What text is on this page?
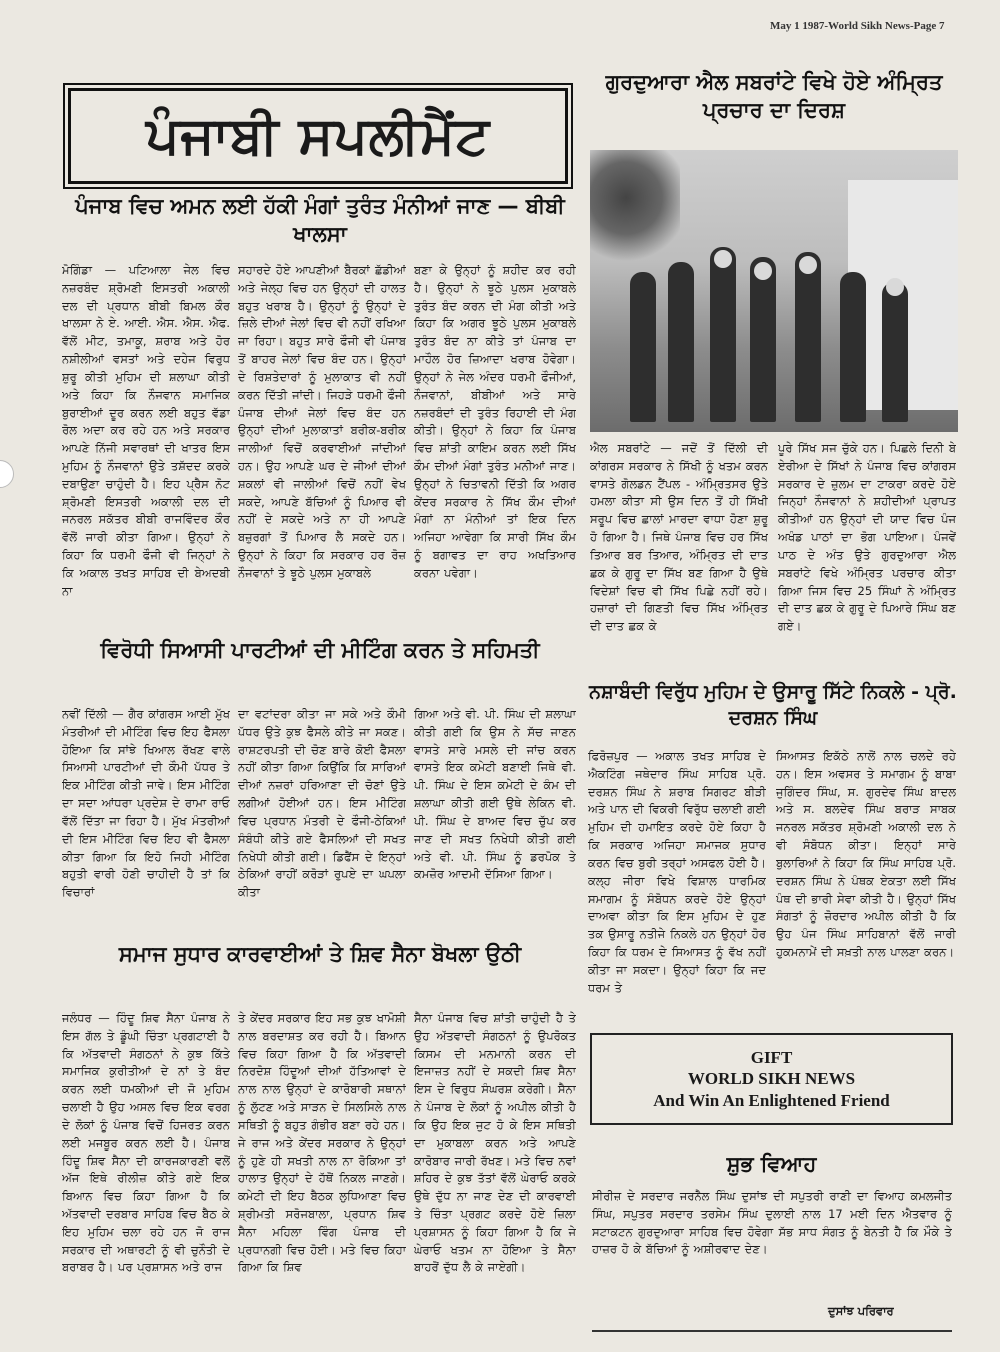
May 1 1987-World Sikh News-Page 7
ਪੰਜਾਬੀ ਸਪਲੀਮੈਂਟ
ਪੰਜਾਬ ਵਿਚ ਅਮਨ ਲਈ ਹੱਕੀ ਮੰਗਾਂ ਤੁਰੰਤ ਮੰਨੀਆਂ ਜਾਣ — ਬੀਬੀ ਖਾਲਸਾ
ਮੋਗਿੰਡਾ — ਪਟਿਆਲਾ ਜੇਲ ਵਿਚ ਨਜ਼ਰਬੰਦ ਸ਼੍ਰੋਮਣੀ ਇਸਤਰੀ ਅਕਾਲੀ ਦਲ ਦੀ ਪ੍ਰਧਾਨ ਬੀਬੀ ਬਿਮਲ ਕੌਰ ਖਾਲਸਾ ਨੇ ਏ. ਆਈ. ਐਸ. ਐਸ. ਐਫ. ਵੱਲੋਂ ਮੀਟ, ਤਮਾਕੂ, ਸ਼ਰਾਬ ਅਤੇ ਹੋਰ ਨਸ਼ੀਲੀਆਂ ਵਸਤਾਂ ਅਤੇ ਦਹੇਜ ਵਿਰੁਧ ਸ਼ੁਰੂ ਕੀਤੀ ਮੁਹਿਮ ਦੀ ਸ਼ਲਾਘਾ ਕੀਤੀ ਅਤੇ ਕਿਹਾ ਕਿ ਨੌਜਵਾਨ ਸਮਾਜਿਕ ਬੁਰਾਈਆਂ ਦੂਰ ਕਰਨ ਲਈ ਬਹੁਤ ਵੱਡਾ ਰੋਲ ਅਦਾ ਕਰ ਰਹੇ ਹਨ ਅਤੇ ਸਰਕਾਰ ਆਪਣੇ ਨਿੱਜੀ ਸਵਾਰਥਾਂ ਦੀ ਖਾਤਰ ਇਸ ਮੁਹਿਮ ਨੂੰ ਨੌਜਵਾਨਾਂ ਉਤੇ ਤਸ਼ੱਦਦ ਕਰਕੇ ਦਬਾਉਣਾ ਚਾਹੁੰਦੀ ਹੈ। ਇਹ ਪ੍ਰੈਸ ਨੋਟ ਸ਼੍ਰੋਮਣੀ ਇਸਤਰੀ ਅਕਾਲੀ ਦਲ ਦੀ ਜਨਰਲ ਸਕੱਤਰ ਬੀਬੀ ਰਾਜਵਿੰਦਰ ਕੌਰ ਵੱਲੋਂ ਜਾਰੀ ਕੀਤਾ ਗਿਆ। ਉਨ੍ਹਾਂ ਨੇ ਕਿਹਾ ਕਿ ਧਰਮੀ ਫੌਜੀ ਵੀ ਜਿਨ੍ਹਾਂ ਨੇ ਕਿ ਅਕਾਲ ਤਖਤ ਸਾਹਿਬ ਦੀ ਬੇਅਦਬੀ ਨਾ
ਸਹਾਰਦੇ ਹੋਏ ਆਪਣੀਆਂ ਬੈਰਕਾਂ ਛੱਡੀਆਂ ਅਤੇ ਜੇਲ੍ਹ ਵਿਚ ਹਨ ਉਨ੍ਹਾਂ ਦੀ ਹਾਲਤ ਬਹੁਤ ਖਰਾਬ ਹੈ। ਉਨ੍ਹਾਂ ਨੂੰ ਉਨ੍ਹਾਂ ਦੇ ਜ਼ਿਲੇ ਦੀਆਂ ਜੇਲਾਂ ਵਿਚ ਵੀ ਨਹੀਂ ਰਖਿਆ ਜਾ ਰਿਹਾ। ਬਹੁਤ ਸਾਰੇ ਫੌਜੀ ਵੀ ਪੰਜਾਬ ਤੋਂ ਬਾਹਰ ਜੇਲਾਂ ਵਿਚ ਬੰਦ ਹਨ। ਉਨ੍ਹਾਂ ਦੇ ਰਿਸ਼ਤੇਦਾਰਾਂ ਨੂੰ ਮੁਲਾਕਾਤ ਵੀ ਨਹੀਂ ਕਰਨ ਦਿੱਤੀ ਜਾਂਦੀ। ਜਿਹੜੇ ਧਰਮੀ ਫੌਜੀ ਪੰਜਾਬ ਦੀਆਂ ਜੇਲਾਂ ਵਿਚ ਬੰਦ ਹਨ ਉਨ੍ਹਾਂ ਦੀਆਂ ਮੁਲਾਕਾਤਾਂ ਬਰੀਕ-ਬਰੀਕ ਜਾਲੀਆਂ ਵਿਚੋਂ ਕਰਵਾਈਆਂ ਜਾਂਦੀਆਂ ਹਨ। ਉਹ ਆਪਣੇ ਘਰ ਦੇ ਜੀਆਂ ਦੀਆਂ ਸ਼ਕਲਾਂ ਵੀ ਜਾਲੀਆਂ ਵਿਚੋਂ ਨਹੀਂ ਵੇਖ ਸਕਦੇ, ਆਪਣੇ ਬੱਚਿਆਂ ਨੂੰ ਪਿਆਰ ਵੀ ਨਹੀਂ ਦੇ ਸਕਦੇ ਅਤੇ ਨਾ ਹੀ ਆਪਣੇ ਬਜ਼ੁਰਗਾਂ ਤੋਂ ਪਿਆਰ ਲੈ ਸਕਦੇ ਹਨ। ਉਨ੍ਹਾਂ ਨੇ ਕਿਹਾ ਕਿ ਸਰਕਾਰ ਹਰ ਰੋਜ਼ ਨੌਜਵਾਨਾਂ ਤੇ ਝੂਠੇ ਪੁਲਸ ਮੁਕਾਬਲੇ
ਬਣਾ ਕੇ ਉਨ੍ਹਾਂ ਨੂੰ ਸ਼ਹੀਦ ਕਰ ਰਹੀ ਹੈ। ਉਨ੍ਹਾਂ ਨੇ ਝੂਠੇ ਪੁਲਸ ਮੁਕਾਬਲੇ ਤੁਰੰਤ ਬੰਦ ਕਰਨ ਦੀ ਮੰਗ ਕੀਤੀ ਅਤੇ ਕਿਹਾ ਕਿ ਅਗਰ ਝੂਠੇ ਪੁਲਸ ਮੁਕਾਬਲੇ ਤੁਰੰਤ ਬੰਦ ਨਾ ਕੀਤੇ ਤਾਂ ਪੰਜਾਬ ਦਾ ਮਾਹੌਲ ਹੋਰ ਜ਼ਿਆਦਾ ਖਰਾਬ ਹੋਵੇਗਾ। ਉਨ੍ਹਾਂ ਨੇ ਜੇਲ ਅੰਦਰ ਧਰਮੀ ਫੌਜੀਆਂ, ਨੌਜਵਾਨਾਂ, ਬੀਬੀਆਂ ਅਤੇ ਸਾਰੇ ਨਜ਼ਰਬੰਦਾਂ ਦੀ ਤੁਰੰਤ ਰਿਹਾਈ ਦੀ ਮੰਗ ਕੀਤੀ। ਉਨ੍ਹਾਂ ਨੇ ਕਿਹਾ ਕਿ ਪੰਜਾਬ ਵਿਚ ਸ਼ਾਂਤੀ ਕਾਇਮ ਕਰਨ ਲਈ ਸਿੱਖ ਕੌਮ ਦੀਆਂ ਮੰਗਾਂ ਤੁਰੰਤ ਮਨੀਆਂ ਜਾਣ। ਉਨ੍ਹਾਂ ਨੇ ਚਿਤਾਵਨੀ ਦਿੱਤੀ ਕਿ ਅਗਰ ਕੇਂਦਰ ਸਰਕਾਰ ਨੇ ਸਿੱਖ ਕੌਮ ਦੀਆਂ ਮੰਗਾਂ ਨਾ ਮੰਨੀਆਂ ਤਾਂ ਇਕ ਦਿਨ ਅਜਿਹਾ ਆਵੇਗਾ ਕਿ ਸਾਰੀ ਸਿੱਖ ਕੌਮ ਨੂੰ ਬਗਾਵਤ ਦਾ ਰਾਹ ਅਖਤਿਆਰ ਕਰਨਾ ਪਵੇਗਾ।
ਗੁਰਦੁਆਰਾ ਐਲ ਸਬਰਾਂਟੇ ਵਿਖੇ ਹੋਏ ਅੰਮ੍ਰਿਤ ਪ੍ਰਚਾਰ ਦਾ ਦਿਰਸ਼
ਐਲ ਸਬਰਾਂਟੇ — ਜਦੋਂ ਤੋਂ ਦਿੱਲੀ ਦੀ ਕਾਂਗਰਸ ਸਰਕਾਰ ਨੇ ਸਿੱਖੀ ਨੂੰ ਖਤਮ ਕਰਨ ਵਾਸਤੇ ਗੋਲਡਨ ਟੈਂਪਲ - ਅੰਮ੍ਰਿਤਸਰ ਉਤੇ ਹਮਲਾ ਕੀਤਾ ਸੀ ਉਸ ਦਿਨ ਤੋਂ ਹੀ ਸਿੱਖੀ ਸਰੂਪ ਵਿਚ ਛਾਲਾਂ ਮਾਰਦਾ ਵਾਧਾ ਹੋਣਾ ਸ਼ੁਰੂ ਹੋ ਗਿਆ ਹੈ। ਜਿਥੇ ਪੰਜਾਬ ਵਿਚ ਹਰ ਸਿੱਖ ਤਿਆਰ ਬਰ ਤਿਆਰ, ਅੰਮ੍ਰਿਤ ਦੀ ਦਾਤ ਛਕ ਕੇ ਗੁਰੂ ਦਾ ਸਿੱਖ ਬਣ ਗਿਆ ਹੈ ਉਥੇ ਵਿਦੇਸ਼ਾਂ ਵਿਚ ਵੀ ਸਿੱਖ ਪਿਛੇ ਨਹੀਂ ਰਹੇ। ਹਜ਼ਾਰਾਂ ਦੀ ਗਿਣਤੀ ਵਿਚ ਸਿੱਖ ਅੰਮ੍ਰਿਤ ਦੀ ਦਾਤ ਛਕ ਕੇ
ਪੂਰੇ ਸਿੱਖ ਸਜ ਚੁੱਕੇ ਹਨ। ਪਿਛਲੇ ਦਿਨੀ ਬੇ ਏਰੀਆ ਦੇ ਸਿੱਖਾਂ ਨੇ ਪੰਜਾਬ ਵਿਚ ਕਾਂਗਰਸ ਸਰਕਾਰ ਦੇ ਜ਼ੁਲਮ ਦਾ ਟਾਕਰਾ ਕਰਦੇ ਹੋਏ ਜਿਨ੍ਹਾਂ ਨੌਜਵਾਨਾਂ ਨੇ ਸ਼ਹੀਦੀਆਂ ਪ੍ਰਾਪਤ ਕੀਤੀਆਂ ਹਨ ਉਨ੍ਹਾਂ ਦੀ ਯਾਦ ਵਿਚ ਪੰਜ ਅਖੰਡ ਪਾਠਾਂ ਦਾ ਭੋਗ ਪਾਇਆ। ਪੰਜਵੇਂ ਪਾਠ ਦੇ ਅੰਤ ਉਤੇ ਗੁਰਦੁਆਰਾ ਐਲ ਸਬਰਾਂਟੇ ਵਿਖੇ ਅੰਮ੍ਰਿਤ ਪਰਚਾਰ ਕੀਤਾ ਗਿਆ ਜਿਸ ਵਿਚ 25 ਸਿੰਘਾਂ ਨੇ ਅੰਮ੍ਰਿਤ ਦੀ ਦਾਤ ਛਕ ਕੇ ਗੁਰੂ ਦੇ ਪਿਆਰੇ ਸਿੰਘ ਬਣ ਗਏ।
ਵਿਰੋਧੀ ਸਿਆਸੀ ਪਾਰਟੀਆਂ ਦੀ ਮੀਟਿੰਗ ਕਰਨ ਤੇ ਸਹਿਮਤੀ
ਨਵੀਂ ਦਿੱਲੀ — ਗੈਰ ਕਾਂਗਰਸ ਆਈ ਮੁੱਖ ਮੰਤਰੀਆਂ ਦੀ ਮੀਟਿੰਗ ਵਿਚ ਇਹ ਫੈਸਲਾ ਹੋਇਆ ਕਿ ਸਾਂਝੇ ਖਿਆਲ ਰੱਖਣ ਵਾਲੇ ਸਿਆਸੀ ਪਾਰਟੀਆਂ ਦੀ ਕੌਮੀ ਪੱਧਰ ਤੇ ਇਕ ਮੀਟਿੰਗ ਕੀਤੀ ਜਾਵੇ। ਇਸ ਮੀਟਿੰਗ ਦਾ ਸਦਾ ਆਂਧਰਾ ਪ੍ਰਦੇਸ਼ ਦੇ ਰਾਮਾ ਰਾਓ ਵੱਲੋਂ ਦਿੱਤਾ ਜਾ ਰਿਹਾ ਹੈ। ਮੁੱਖ ਮੰਤਰੀਆਂ ਦੀ ਇਸ ਮੀਟਿੰਗ ਵਿਚ ਇਹ ਵੀ ਫੈਸਲਾ ਕੀਤਾ ਗਿਆ ਕਿ ਇਹੋ ਜਿਹੀ ਮੀਟਿੰਗ ਬਹੁਤੀ ਵਾਰੀ ਹੋਣੀ ਚਾਹੀਦੀ ਹੈ ਤਾਂ ਕਿ ਵਿਚਾਰਾਂ
ਦਾ ਵਟਾਂਦਰਾ ਕੀਤਾ ਜਾ ਸਕੇ ਅਤੇ ਕੌਮੀ ਪੱਧਰ ਉਤੇ ਕੁਝ ਫੈਸਲੇ ਕੀਤੇ ਜਾ ਸਕਣ। ਰਾਸ਼ਟਰਪਤੀ ਦੀ ਚੋਣ ਬਾਰੇ ਕੋਈ ਫੈਸਲਾ ਨਹੀਂ ਕੀਤਾ ਗਿਆ ਕਿਉਂਕਿ ਕਿ ਸਾਰਿਆਂ ਦੀਆਂ ਨਜ਼ਰਾਂ ਹਰਿਆਣਾ ਦੀ ਚੋਣਾਂ ਉਤੇ ਲਗੀਆਂ ਹੋਈਆਂ ਹਨ। ਇਸ ਮੀਟਿੰਗ ਵਿਚ ਪ੍ਰਧਾਨ ਮੰਤਰੀ ਦੇ ਫੌਜੀ-ਠੇਕਿਆਂ ਸੰਬੰਧੀ ਕੀਤੇ ਗਏ ਫੈਸਲਿਆਂ ਦੀ ਸਖਤ ਨਿਖੇਧੀ ਕੀਤੀ ਗਈ। ਡਿਫੈਂਸ ਦੇ ਇਨ੍ਹਾਂ ਠੇਕਿਆਂ ਰਾਹੀਂ ਕਰੋੜਾਂ ਰੁਪਏ ਦਾ ਘਪਲਾ ਕੀਤਾ
ਗਿਆ ਅਤੇ ਵੀ. ਪੀ. ਸਿੰਘ ਦੀ ਸ਼ਲਾਘਾ ਕੀਤੀ ਗਈ ਕਿ ਉਸ ਨੇ ਸੱਚ ਜਾਣਨ ਵਾਸਤੇ ਸਾਰੇ ਮਸਲੇ ਦੀ ਜਾਂਚ ਕਰਨ ਵਾਸਤੇ ਇਕ ਕਮੇਟੀ ਬਣਾਈ ਜਿਥੇ ਵੀ. ਪੀ. ਸਿੰਘ ਦੇ ਇਸ ਕਮੇਟੀ ਦੇ ਕੰਮ ਦੀ ਸ਼ਲਾਘਾ ਕੀਤੀ ਗਈ ਉਥੇ ਲੇਕਿਨ ਵੀ. ਪੀ. ਸਿੰਘ ਦੇ ਬਾਅਦ ਵਿਚ ਚੁੱਪ ਕਰ ਜਾਣ ਦੀ ਸਖਤ ਨਿਖੇਧੀ ਕੀਤੀ ਗਈ ਅਤੇ ਵੀ. ਪੀ. ਸਿੰਘ ਨੂੰ ਡਰਪੋਕ ਤੇ ਕਮਜ਼ੋਰ ਆਦਮੀ ਦੱਸਿਆ ਗਿਆ।
ਨਸ਼ਾਬੰਦੀ ਵਿਰੁੱਧ ਮੁਹਿਮ ਦੇ ਉਸਾਰੂ ਸਿੱਟੇ ਨਿਕਲੇ - ਪ੍ਰੋ. ਦਰਸ਼ਨ ਸਿੰਘ
ਫਿਰੋਜ਼ਪੁਰ — ਅਕਾਲ ਤਖਤ ਸਾਹਿਬ ਦੇ ਐਕਟਿੰਗ ਜਥੇਦਾਰ ਸਿੰਘ ਸਾਹਿਬ ਪ੍ਰੋ. ਦਰਸ਼ਨ ਸਿੰਘ ਨੇ ਸ਼ਰਾਬ ਸਿਗਰਟ ਬੀੜੀ ਅਤੇ ਪਾਨ ਦੀ ਵਿਕਰੀ ਵਿਰੁੱਧ ਚਲਾਈ ਗਈ ਮੁਹਿਮ ਦੀ ਹਮਾਇਤ ਕਰਦੇ ਹੋਏ ਕਿਹਾ ਹੈ ਕਿ ਸਰਕਾਰ ਅਜਿਹਾ ਸਮਾਜਕ ਸੁਧਾਰ ਕਰਨ ਵਿਚ ਬੁਰੀ ਤਰ੍ਹਾਂ ਅਸਫਲ ਹੋਈ ਹੈ। ਕਲ੍ਹ ਜੀਰਾ ਵਿਖੇ ਵਿਸ਼ਾਲ ਧਾਰਮਿਕ ਸਮਾਗਮ ਨੂੰ ਸੰਬੋਧਨ ਕਰਦੇ ਹੋਏ ਉਨ੍ਹਾਂ ਦਾਅਵਾ ਕੀਤਾ ਕਿ ਇਸ ਮੁਹਿਮ ਦੇ ਹੁਣ ਤਕ ਉਸਾਰੂ ਨਤੀਜੇ ਨਿਕਲੇ ਹਨ ਉਨ੍ਹਾਂ ਹੋਰ ਕਿਹਾ ਕਿ ਧਰਮ ਦੇ ਸਿਆਸਤ ਨੂੰ ਵੱਖ ਨਹੀਂ ਕੀਤਾ ਜਾ ਸਕਦਾ। ਉਨ੍ਹਾਂ ਕਿਹਾ ਕਿ ਜਦ ਧਰਮ ਤੇ
ਸਿਆਸਤ ਇਕੱਠੇ ਨਾਲੋਂ ਨਾਲ ਚਲਦੇ ਰਹੇ ਹਨ। ਇਸ ਅਵਸਰ ਤੇ ਸਮਾਗਮ ਨੂੰ ਬਾਬਾ ਜੁਗਿੰਦਰ ਸਿੰਘ, ਸ. ਗੁਰਦੇਵ ਸਿੰਘ ਬਾਦਲ ਅਤੇ ਸ. ਬਲਦੇਵ ਸਿੰਘ ਬਰਾੜ ਸਾਬਕ ਜਨਰਲ ਸਕੱਤਰ ਸ਼੍ਰੋਮਣੀ ਅਕਾਲੀ ਦਲ ਨੇ ਵੀ ਸੰਬੋਧਨ ਕੀਤਾ। ਇਨ੍ਹਾਂ ਸਾਰੇ ਬੁਲਾਰਿਆਂ ਨੇ ਕਿਹਾ ਕਿ ਸਿੰਘ ਸਾਹਿਬ ਪ੍ਰੋ. ਦਰਸ਼ਨ ਸਿੰਘ ਨੇ ਪੰਥਕ ਏਕਤਾ ਲਈ ਸਿੱਖ ਪੰਥ ਦੀ ਭਾਰੀ ਸੇਵਾ ਕੀਤੀ ਹੈ। ਉਨ੍ਹਾਂ ਸਿੱਖ ਸੰਗਤਾਂ ਨੂੰ ਜ਼ੋਰਦਾਰ ਅਪੀਲ ਕੀਤੀ ਹੈ ਕਿ ਉਹ ਪੰਜ ਸਿੰਘ ਸਾਹਿਬਾਨਾਂ ਵੱਲੋਂ ਜਾਰੀ ਹੁਕਮਨਾਮੇਂ ਦੀ ਸਖ਼ਤੀ ਨਾਲ ਪਾਲਣਾ ਕਰਨ।
ਸਮਾਜ ਸੁਧਾਰ ਕਾਰਵਾਈਆਂ ਤੇ ਸ਼ਿਵ ਸੈਨਾ ਬੋਖਲਾ ਉਠੀ
ਜਲੰਧਰ — ਹਿੰਦੂ ਸ਼ਿਵ ਸੈਨਾ ਪੰਜਾਬ ਨੇ ਇਸ ਗੱਲ ਤੇ ਡੂੰਘੀ ਚਿੰਤਾ ਪ੍ਰਗਟਾਈ ਹੈ ਕਿ ਅੱਤਵਾਦੀ ਸੰਗਠਨਾਂ ਨੇ ਕੁਝ ਕਿੱਤੇ ਸਮਾਜਿਕ ਕੁਰੀਤੀਆਂ ਦੇ ਨਾਂ ਤੇ ਬੰਦ ਕਰਨ ਲਈ ਧਮਕੀਆਂ ਦੀ ਜੋ ਮੁਹਿਮ ਚਲਾਈ ਹੈ ਉਹ ਅਸਲ ਵਿਚ ਇਕ ਵਰਗ ਦੇ ਲੋਕਾਂ ਨੂੰ ਪੰਜਾਬ ਵਿਚੋਂ ਹਿਜਰਤ ਕਰਨ ਲਈ ਮਜਬੂਰ ਕਰਨ ਲਈ ਹੈ। ਪੰਜਾਬ ਹਿੰਦੂ ਸ਼ਿਵ ਸੈਨਾ ਦੀ ਕਾਰਜਕਾਰਣੀ ਵਲੋਂ ਅੱਜ ਇਥੇ ਰੀਲੀਜ਼ ਕੀਤੇ ਗਏ ਇਕ ਬਿਆਨ ਵਿਚ ਕਿਹਾ ਗਿਆ ਹੈ ਕਿ ਅੱਤਵਾਦੀ ਦਰਬਾਰ ਸਾਹਿਬ ਵਿਚ ਬੈਠ ਕੇ ਇਹ ਮੁਹਿਮ ਚਲਾ ਰਹੇ ਹਨ ਜੋ ਰਾਜ ਸਰਕਾਰ ਦੀ ਅਥਾਰਟੀ ਨੂੰ ਵੀ ਚੁਨੌਤੀ ਦੇ ਬਰਾਬਰ ਹੈ। ਪਰ ਪ੍ਰਸ਼ਾਸਨ ਅਤੇ ਰਾਜ
ਤੇ ਕੇਂਦਰ ਸਰਕਾਰ ਇਹ ਸਭ ਕੁਝ ਖਾਮੋਸ਼ੀ ਨਾਲ ਬਰਦਾਸ਼ਤ ਕਰ ਰਹੀ ਹੈ। ਬਿਆਨ ਵਿਚ ਕਿਹਾ ਗਿਆ ਹੈ ਕਿ ਅੱਤਵਾਦੀ ਨਿਰਦੋਸ਼ ਹਿੰਦੂਆਂ ਦੀਆਂ ਹੱਤਿਆਵਾਂ ਦੇ ਨਾਲ ਨਾਲ ਉਨ੍ਹਾਂ ਦੇ ਕਾਰੋਬਾਰੀ ਸਥਾਨਾਂ ਨੂੰ ਲੁੱਟਣ ਅਤੇ ਸਾੜਨ ਦੇ ਸਿਲਸਿਲੇ ਨਾਲ ਸਥਿਤੀ ਨੂੰ ਬਹੁਤ ਗੰਭੀਰ ਬਣਾ ਰਹੇ ਹਨ। ਜੇ ਰਾਜ ਅਤੇ ਕੇਂਦਰ ਸਰਕਾਰ ਨੇ ਉਨ੍ਹਾਂ ਨੂੰ ਹੁਣੇ ਹੀ ਸਖਤੀ ਨਾਲ ਨਾ ਰੋਕਿਆ ਤਾਂ ਹਾਲਾਤ ਉਨ੍ਹਾਂ ਦੇ ਹੱਥੋਂ ਨਿਕਲ ਜਾਣਗੇ। ਕਮੇਟੀ ਦੀ ਇਹ ਬੈਠਕ ਲੁਧਿਆਣਾ ਵਿਚ ਸ਼੍ਰੀਮਤੀ ਸਰੋਜਬਾਲਾ, ਪ੍ਰਧਾਨ ਸ਼ਿਵ ਸੈਨਾ ਮਹਿਲਾ ਵਿੰਗ ਪੰਜਾਬ ਦੀ ਪ੍ਰਧਾਨਗੀ ਵਿਚ ਹੋਈ। ਮਤੇ ਵਿਚ ਕਿਹਾ ਗਿਆ ਕਿ ਸ਼ਿਵ
ਸੈਨਾ ਪੰਜਾਬ ਵਿਚ ਸ਼ਾਂਤੀ ਚਾਹੁੰਦੀ ਹੈ ਤੇ ਉਹ ਅੱਤਵਾਦੀ ਸੰਗਠਨਾਂ ਨੂੰ ਉਪਰੋਕਤ ਕਿਸਮ ਦੀ ਮਨਮਾਨੀ ਕਰਨ ਦੀ ਇਜਾਜ਼ਤ ਨਹੀਂ ਦੇ ਸਕਦੀ ਸ਼ਿਵ ਸੈਨਾ ਇਸ ਦੇ ਵਿਰੁਧ ਸੰਘਰਸ਼ ਕਰੇਗੀ। ਸੈਨਾ ਨੇ ਪੰਜਾਬ ਦੇ ਲੋਕਾਂ ਨੂੰ ਅਪੀਲ ਕੀਤੀ ਹੈ ਕਿ ਉਹ ਇਕ ਜੁਟ ਹੋ ਕੇ ਇਸ ਸਥਿਤੀ ਦਾ ਮੁਕਾਬਲਾ ਕਰਨ ਅਤੇ ਆਪਣੇ ਕਾਰੋਬਾਰ ਜਾਰੀ ਰੱਖਣ। ਮਤੇ ਵਿਚ ਨਵਾਂ ਸ਼ਹਿਰ ਦੇ ਕੁਝ ਤੱਤਾਂ ਵੱਲੋਂ ਘੇਰਾਓ ਕਰਕੇ ਉਥੇ ਦੁੱਧ ਨਾ ਜਾਣ ਦੇਣ ਦੀ ਕਾਰਵਾਈ ਤੇ ਚਿੰਤਾ ਪ੍ਰਗਟ ਕਰਦੇ ਹੋਏ ਜ਼ਿਲਾ ਪ੍ਰਸ਼ਾਸਨ ਨੂੰ ਕਿਹਾ ਗਿਆ ਹੈ ਕਿ ਜੇ ਘੇਰਾਓ ਖਤਮ ਨਾ ਹੋਇਆ ਤੇ ਸੈਨਾ ਬਾਹਰੋਂ ਦੁੱਧ ਲੈ ਕੇ ਜਾਏਗੀ।
GIFT
WORLD SIKH NEWS
And Win An Enlightened Friend
ਸ਼ੁਭ ਵਿਆਹ
ਸੀਰੀਜ਼ ਦੇ ਸਰਦਾਰ ਜਰਨੈਲ ਸਿੰਘ ਦੁਸਾਂਝ ਦੀ ਸਪੁਤਰੀ ਰਾਣੀ ਦਾ ਵਿਆਹ ਕਮਲਜੀਤ ਸਿੰਘ, ਸਪੁਤਰ ਸਰਦਾਰ ਤਰਸੇਮ ਸਿੰਘ ਦੁਲਾਈ ਨਾਲ 17 ਮਈ ਦਿਨ ਐਤਵਾਰ ਨੂੰ ਸਟਾਕਟਨ ਗੁਰਦੁਆਰਾ ਸਾਹਿਬ ਵਿਚ ਹੋਵੇਗਾ ਸੱਭ ਸਾਧ ਸੰਗਤ ਨੂੰ ਬੇਨਤੀ ਹੈ ਕਿ ਮੌਕੇ ਤੇ ਹਾਜ਼ਰ ਹੋ ਕੇ ਬੱਚਿਆਂ ਨੂੰ ਅਸ਼ੀਰਵਾਦ ਦੇਣ।
ਦੁਸਾਂਝ ਪਰਿਵਾਰ
